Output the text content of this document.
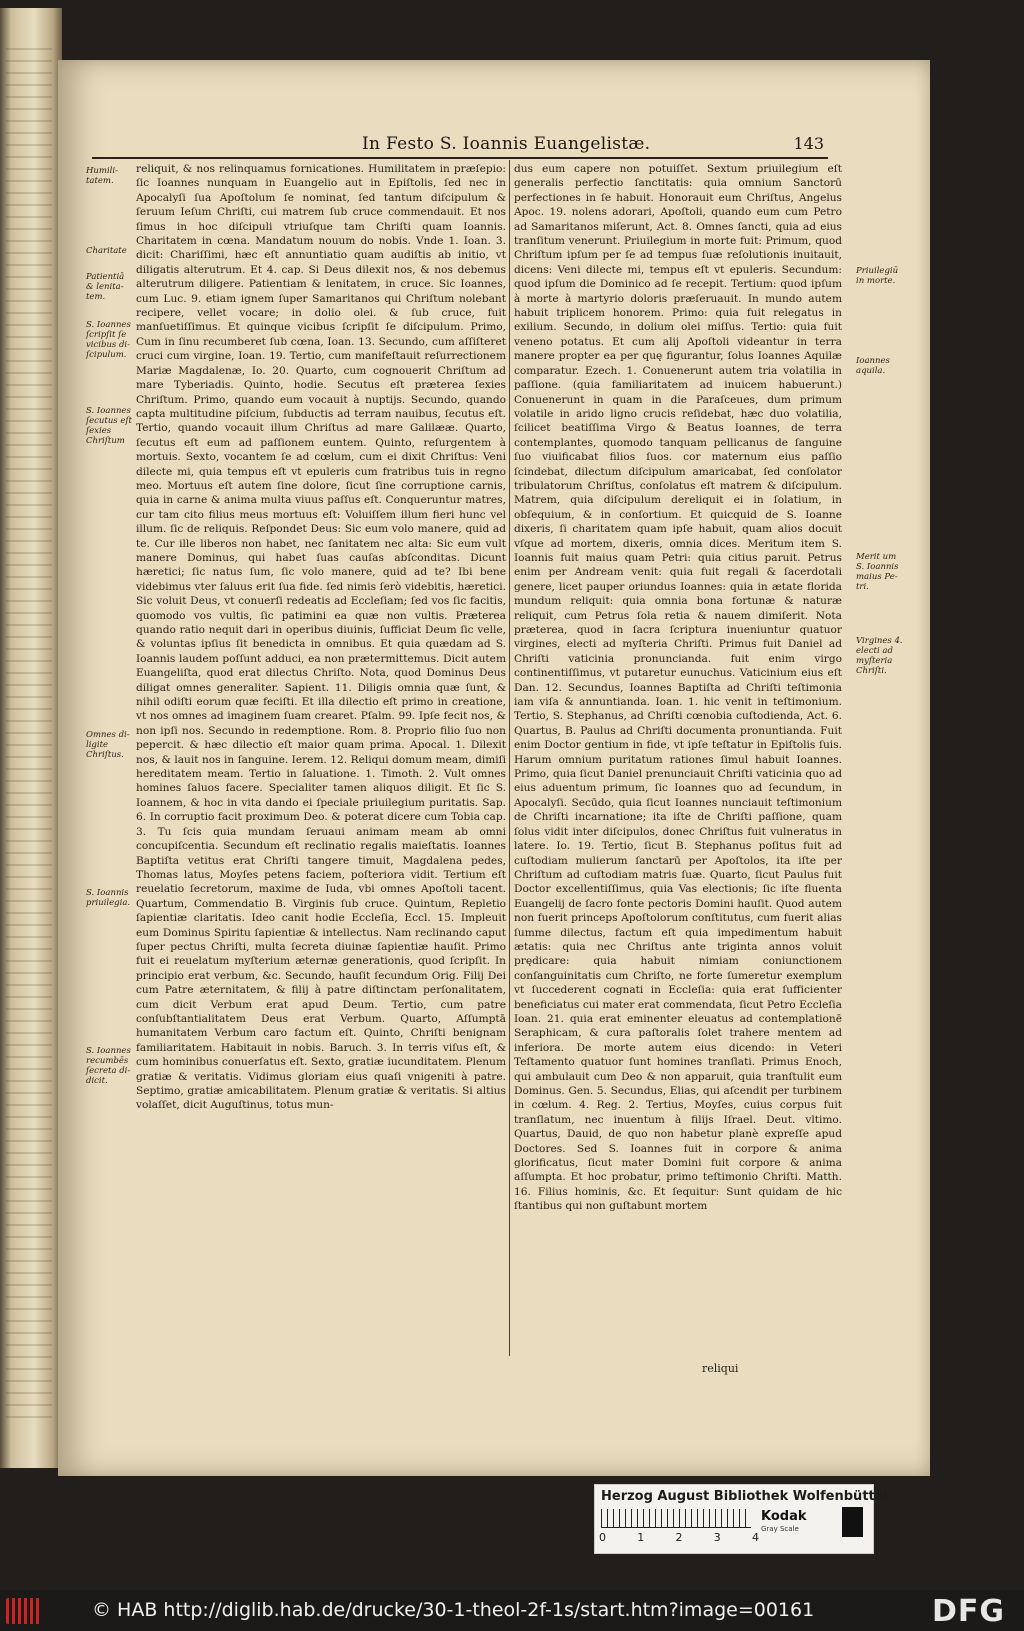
In Festo S. Ioannis Euangelistæ.	143
Humili-tatem.
Charitate
Patientiā & lenita-tem.
S. Ioannes ſcripſit ſe vicibus di-ſcipulum.
S. Ioannes ſecutus eſt ſexies Chriſtum
Omnes di-ligite Chriſtus.
S. Ioannis priuilegia.
S. Ioannes recumbēs ſecreta di-dicit.

reliquit, & nos relinquamus fornicationes. Humilitatem in præſepio: ſic Ioannes nunquam in Euangelio aut in Epiſtolis, ſed nec in Apocalyſi ſua Apoſtolum ſe nominat, ſed tantum diſcipulum & ſeruum Ieſum Chriſti, cui matrem ſub cruce commendauit. Et nos ſimus in hoc diſcipuli vtriuſque tam Chriſti quam Ioannis. Charitatem in cœna. Mandatum nouum do nobis. Vnde 1. Ioan. 3. dicit: Chariſſimi, hæc eſt annuntiatio quam audiſtis ab initio, vt diligatis alterutrum. Et 4. cap. Si Deus dilexit nos, & nos debemus alterutrum diligere. Patientiam & lenitatem, in cruce. Sic Ioannes, cum Luc. 9. etiam ignem ſuper Samaritanos qui Chriſtum nolebant recipere, vellet vocare; in dolio olei. & ſub cruce, fuit manſuetiſſimus. Et quinque vicibus ſcripſit ſe diſcipulum. Primo, Cum in ſinu recumberet ſub cœna, Ioan. 13. Secundo, cum aſſiſteret cruci cum virgine, Ioan. 19. Tertio, cum manifeſtauit reſurrectionem Mariæ Magdalenæ, Io. 20. Quarto, cum cognouerit Chriſtum ad mare Tyberiadis. Quinto, hodie. Secutus eſt præterea ſexies Chriſtum. Primo, quando eum vocauit à nuptijs. Secundo, quando capta multitudine piſcium, ſubductis ad terram nauibus, ſecutus eſt. Tertio, quando vocauit illum Chriſtus ad mare Galilææ. Quarto, ſecutus eſt eum ad paſſionem euntem. Quinto, reſurgentem à mortuis. Sexto, vocantem ſe ad cœlum, cum ei dixit Chriſtus: Veni dilecte mi, quia tempus eſt vt epuleris cum fratribus tuis in regno meo. Mortuus eſt autem ſine dolore, ſicut ſine corruptione carnis, quia in carne & anima multa viuus paſſus eſt. Conqueruntur matres, cur tam cito filius meus mortuus eſt: Voluiſſem illum fieri hunc vel illum. ſic de reliquis. Reſpondet Deus: Sic eum volo manere, quid ad te. Cur ille liberos non habet, nec ſanitatem nec alta: Sic eum vult manere Dominus, qui habet ſuas cauſas abſconditas. Dicunt hæretici; ſic natus ſum, ſic volo manere, quid ad te? Ibi bene videbimus vter ſaluus erit ſua fide. ſed nimis ſerò videbitis, hæretici. Sic voluit Deus, vt conuerſi redeatis ad Eccleſiam; ſed vos ſic facitis, quomodo vos vultis, ſic patimini ea quæ non vultis. Præterea quando ratio nequit dari in operibus diuinis, ſufficiat Deum ſic velle, & voluntas ipſius ſit benedicta in omnibus. Et quia quædam ad S. Ioannis laudem poſſunt adduci, ea non prætermittemus. Dicit autem Euangeliſta, quod erat dilectus Chriſto. Nota, quod Dominus Deus diligat omnes generaliter. Sapient. 11. Diligis omnia quæ ſunt, & nihil odiſti eorum quæ feciſti. Et illa dilectio eſt primo in creatione, vt nos omnes ad imaginem ſuam crearet. Pſalm. 99. Ipſe fecit nos, & non ipſi nos. Secundo in redemptione. Rom. 8. Proprio filio ſuo non pepercit. & hæc dilectio eſt maior quam prima. Apocal. 1. Dilexit nos, & lauit nos in ſanguine. Ierem. 12. Reliqui domum meam, dimiſi hereditatem meam. Tertio in ſaluatione. 1. Timoth. 2. Vult omnes homines ſaluos facere. Specialiter tamen aliquos diligit. Et ſic S. Ioannem, & hoc in vita dando ei ſpeciale priuilegium puritatis. Sap. 6. In corruptio facit proximum Deo. & poterat dicere cum Tobia cap. 3. Tu ſcis quia mundam ſeruaui animam meam ab omni concupiſcentia. Secundum eſt reclinatio regalis maieſtatis. Ioannes Baptiſta vetitus erat Chriſti tangere timuit, Magdalena pedes, Thomas latus, Moyſes petens faciem, poſteriora vidit. Tertium eſt reuelatio ſecretorum, maxime de Iuda, vbi omnes Apoſtoli tacent. Quartum, Commendatio B. Virginis ſub cruce. Quintum, Repletio ſapientiæ claritatis. Ideo canit hodie Eccleſia, Eccl. 15. Impleuit eum Dominus Spiritu ſapientiæ & intellectus. Nam reclinando caput ſuper pectus Chriſti, multa ſecreta diuinæ ſapientiæ hauſit. Primo fuit ei reuelatum myſterium æternæ generationis, quod ſcripſit. In principio erat verbum, &c. Secundo, hauſit ſecundum Orig. Filij Dei cum Patre æternitatem, & filij à patre diſtinctam perſonalitatem, cum dicit Verbum erat apud Deum. Tertio, cum patre conſubſtantialitatem Deus erat Verbum. Quarto, Aſſumptā humanitatem Verbum caro factum eſt. Quinto, Chriſti benignam familiaritatem. Habitauit in nobis. Baruch. 3. In terris viſus eſt, & cum hominibus conuerſatus eſt. Sexto, gratiæ iucunditatem. Plenum gratiæ & veritatis. Vidimus gloriam eius quaſi vnigeniti à patre. Septimo, gratiæ amicabilitatem. Plenum gratiæ & veritatis. Si altius volaſſet, dicit Auguſtinus, totus mun-

dus eum capere non potuiſſet. Sextum priuilegium eſt generalis perfectio ſanctitatis: quia omnium Sanctorū perfectiones in ſe habuit. Honorauit eum Chriſtus, Angelus Apoc. 19. nolens adorari, Apoſtoli, quando eum cum Petro ad Samaritanos miſerunt, Act. 8. Omnes ſancti, quia ad eius tranſitum venerunt. Priuilegium in morte fuit: Primum, quod Chriſtum ipſum per ſe ad tempus ſuæ reſolutionis inuitauit, dicens: Veni dilecte mi, tempus eſt vt epuleris. Secundum: quod ipſum die Dominico ad ſe recepit. Tertium: quod ipſum à morte à martyrio doloris præſeruauit. In mundo autem habuit triplicem honorem. Primo: quia fuit relegatus in exilium. Secundo, in dolium olei miſſus. Tertio: quia fuit veneno potatus. Et cum alij Apoſtoli videantur in terra manere propter ea per quę figurantur, ſolus Ioannes Aquilæ comparatur. Ezech. 1. Conuenerunt autem tria volatilia in paſſione. (quia familiaritatem ad inuicem habuerunt.) Conuenerunt in quam in die Paraſceues, dum primum volatile in arido ligno crucis reſidebat, hæc duo volatilia, ſcilicet beatiſſima Virgo & Beatus Ioannes, de terra contemplantes, quomodo tanquam pellicanus de ſanguine ſuo viuificabat filios ſuos. cor maternum eius paſſio ſcindebat, dilectum diſcipulum amaricabat, ſed conſolator tribulatorum Chriſtus, conſolatus eſt matrem & diſcipulum. Matrem, quia diſcipulum dereliquit ei in ſolatium, in obſequium, & in conſortium. Et quicquid de S. Ioanne dixeris, ſi charitatem quam ipſe habuit, quam alios docuit vſque ad mortem, dixeris, omnia dices. Meritum item S. Ioannis fuit maius quam Petri: quia citius paruit. Petrus enim per Andream venit: quia fuit regali & ſacerdotali genere, licet pauper oriundus Ioannes: quia in ætate florida mundum reliquit: quia omnia bona fortunæ & naturæ reliquit, cum Petrus ſola retia & nauem dimiſerit. Nota præterea, quod in ſacra ſcriptura inueniuntur quatuor virgines, electi ad myſteria Chriſti. Primus fuit Daniel ad Chriſti vaticinia pronuncianda. fuit enim virgo continentiſſimus, vt putaretur eunuchus. Vaticinium eius eſt Dan. 12. Secundus, Ioannes Baptiſta ad Chriſti teſtimonia iam viſa & annuntianda. Ioan. 1. hic venit in teſtimonium. Tertio, S. Stephanus, ad Chriſti cœnobia cuſtodienda, Act. 6. Quartus, B. Paulus ad Chriſti documenta pronuntianda. Fuit enim Doctor gentium in fide, vt ipſe teſtatur in Epiſtolis ſuis. Harum omnium puritatum rationes ſimul habuit Ioannes. Primo, quia ſicut Daniel prenunciauit Chriſti vaticinia quo ad eius aduentum primum, ſic Ioannes quo ad ſecundum, in Apocalyſi. Secūdo, quia ſicut Ioannes nunciauit teſtimonium de Chriſti incarnatione; ita iſte de Chriſti paſſione, quam ſolus vidit inter diſcipulos, donec Chriſtus fuit vulneratus in latere. Io. 19. Tertio, ſicut B. Stephanus poſitus fuit ad cuſtodiam mulierum ſanctarū per Apoſtolos, ita iſte per Chriſtum ad cuſtodiam matris ſuæ. Quarto, ſicut Paulus fuit Doctor excellentiſſimus, quia Vas electionis; ſic iſte fluenta Euangelij de ſacro fonte pectoris Domini hauſit. Quod autem non fuerit princeps Apoſtolorum conſtitutus, cum fuerit alias ſumme dilectus, factum eſt quia impedimentum habuit ætatis: quia nec Chriſtus ante triginta annos voluit prędicare: quia habuit nimiam coniunctionem conſanguinitatis cum Chriſto, ne forte ſumeretur exemplum vt ſuccederent cognati in Eccleſia: quia erat ſufficienter beneficiatus cui mater erat commendata, ſicut Petro Eccleſia Ioan. 21. quia erat eminenter eleuatus ad contemplationē Seraphicam, & cura paſtoralis ſolet trahere mentem ad inferiora. De morte autem eius dicendo: in Veteri Teſtamento quatuor ſunt homines tranſlati. Primus Enoch, qui ambulauit cum Deo & non apparuit, quia tranſtulit eum Dominus. Gen. 5. Secundus, Elias, qui aſcendit per turbinem in cœlum. 4. Reg. 2. Tertius, Moyſes, cuius corpus fuit tranſlatum, nec inuentum à filijs Iſrael. Deut. vltimo. Quartus, Dauid, de quo non habetur planè expreſſe apud Doctores. Sed S. Ioannes fuit in corpore & anima glorificatus, ſicut mater Domini fuit corpore & anima aſſumpta. Et hoc probatur, primo teſtimonio Chriſti. Matth. 16. Filius hominis, &c. Et ſequitur: Sunt quidam de hic ſtantibus qui non guſtabunt mortem

Priuilegiū in morte.
Ioannes aquila.
Merit um S. Ioannis maius Pe-tri.
Virgines 4. electi ad myſteria Chriſti.
reliqui
Herzog August Bibliothek Wolfenbüttel
0	1	2	3	4
Kodak
Gray Scale
© HAB http://diglib.hab.de/drucke/30-1-theol-2f-1s/start.htm?image=00161	DFG
